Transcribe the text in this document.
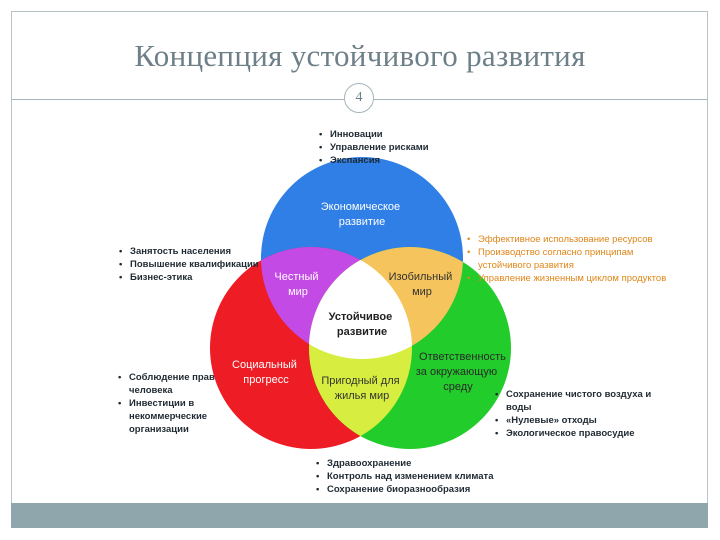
Концепция устойчивого развития
4
Экономическое развитие
Честный мир
Изобильный мир
Устойчивое развитие
Социальный прогресс
Ответственность за окружающую среду
Пригодный для жилья мир
• Инновации
• Управление рисками
• Экспансия
• Занятость населения
• Повышение квалификации
• Бизнес-этика
• Эффективное использование ресурсов
• Производство согласно принципам устойчивого развития
• Управление жизненным циклом продуктов
• Соблюдение прав человека
• Инвестиции в некоммерческие организации
• Сохранение чистого воздуха и воды
• «Нулевые» отходы
• Экологическое правосудие
• Здравоохранение
• Контроль над изменением климата
• Сохранение биоразнообразия
